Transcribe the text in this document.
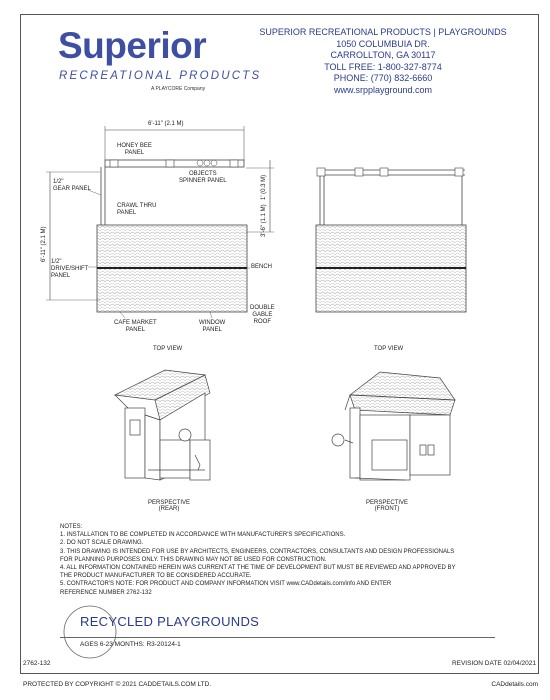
Superior
RECREATIONAL PRODUCTS
A PLAYCORE Company
SUPERIOR RECREATIONAL PRODUCTS | PLAYGROUNDS
1050 COLUMBUIA DR.
CARROLLTON, GA 30117
TOLL FREE: 1-800-327-8774
PHONE: (770) 832-6660
www.srpplayground.com
6'-11" (2.1 M)
HONEY BEE
PANEL
OBJECTS
SPINNER PANEL
1/2"
GEAR PANEL
CRAWL THRU
PANEL
1/2"
DRIVE/SHIFT
PANEL
CAFE MARKET
PANEL
WINDOW
PANEL
DOUBLE
GABLE
ROOF
BENCH
6'-11" (2.1 M)
1' (0.3 M)
3'-6" (1.1 M)
TOP VIEW	TOP VIEW
PERSPECTIVE
(REAR)
PERSPECTIVE
(FRONT)
NOTES:
1. INSTALLATION TO BE COMPLETED IN ACCORDANCE WITH MANUFACTURER'S SPECIFICATIONS.
2. DO NOT SCALE DRAWING.
3. THIS DRAWING IS INTENDED FOR USE BY ARCHITECTS, ENGINEERS, CONTRACTORS, CONSULTANTS AND DESIGN PROFESSIONALS
FOR PLANNING PURPOSES ONLY. THIS DRAWING MAY NOT BE USED FOR CONSTRUCTION.
4. ALL INFORMATION CONTAINED HEREIN WAS CURRENT AT THE TIME OF DEVELOPMENT BUT MUST BE REVIEWED AND APPROVED BY
THE PRODUCT MANUFACTURER TO BE CONSIDERED ACCURATE.
5. CONTRACTOR'S NOTE: FOR PRODUCT AND COMPANY INFORMATION VISIT www.CADdetails.com/info AND ENTER
REFERENCE NUMBER 2762-132
RECYCLED PLAYGROUNDS
AGES 6-23 MONTHS: R3-20124-1
2762-132	REVISION DATE 02/04/2021
PROTECTED BY COPYRIGHT © 2021 CADDETAILS.COM LTD.	CADdetails.com
